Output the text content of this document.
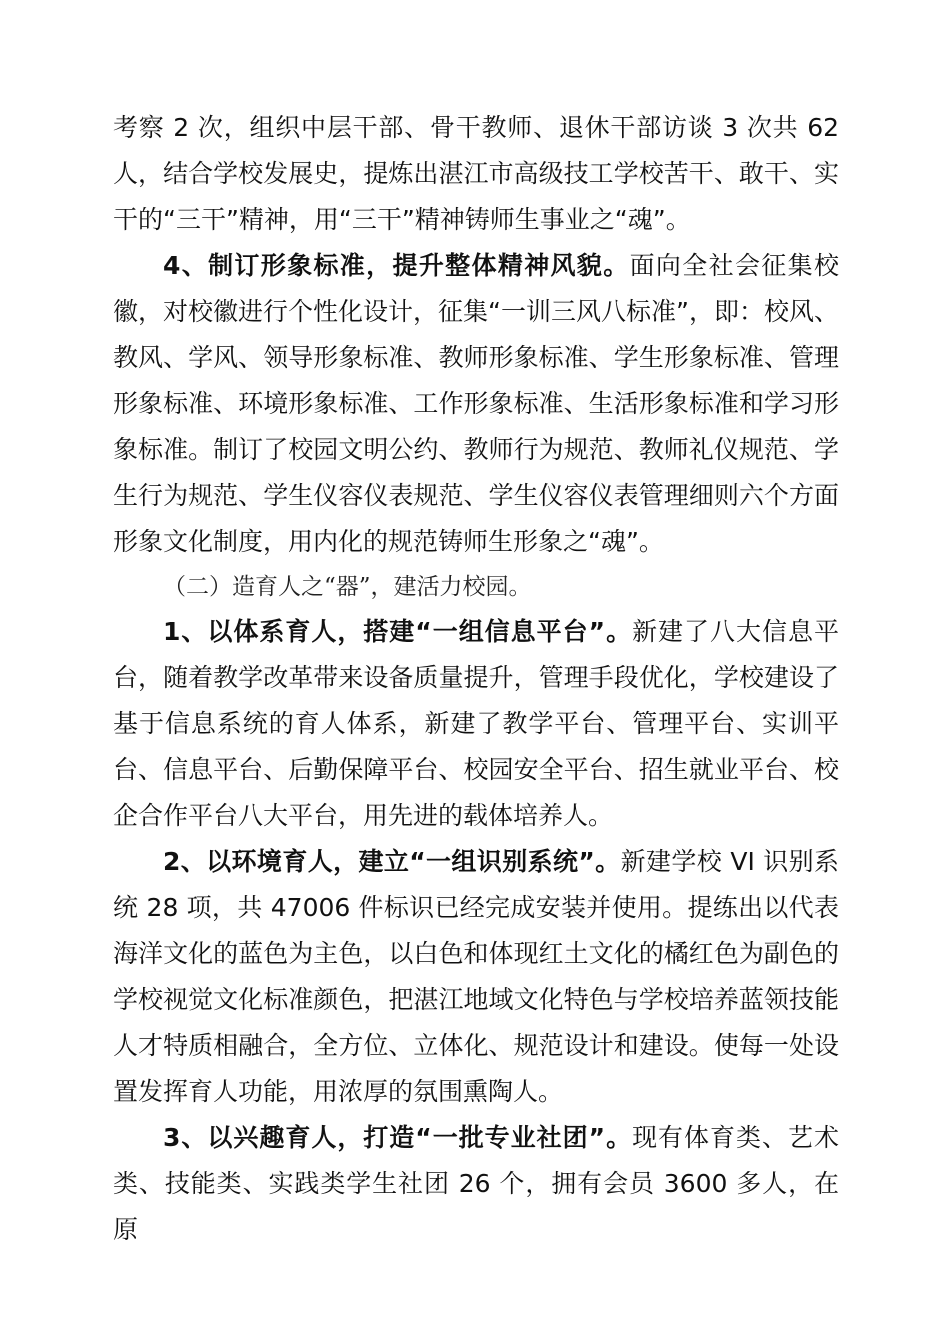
考察 2 次，组织中层干部、骨干教师、退休干部访谈 3 次共 62 人，结合学校发展史，提炼出湛江市高级技工学校苦干、敢干、实干的“三干”精神，用“三干”精神铸师生事业之“魂”。

4、制订形象标准，提升整体精神风貌。面向全社会征集校徽，对校徽进行个性化设计，征集“一训三风八标准”，即：校风、教风、学风、领导形象标准、教师形象标准、学生形象标准、管理形象标准、环境形象标准、工作形象标准、生活形象标准和学习形象标准。制订了校园文明公约、教师行为规范、教师礼仪规范、学生行为规范、学生仪容仪表规范、学生仪容仪表管理细则六个方面形象文化制度，用内化的规范铸师生形象之“魂”。

（二）造育人之“器”，建活力校园。

1、以体系育人，搭建“一组信息平台”。新建了八大信息平台，随着教学改革带来设备质量提升，管理手段优化，学校建设了基于信息系统的育人体系，新建了教学平台、管理平台、实训平台、信息平台、后勤保障平台、校园安全平台、招生就业平台、校企合作平台八大平台，用先进的载体培养人。

2、以环境育人，建立“一组识别系统”。新建学校 VI 识别系统 28 项，共 47006 件标识已经完成安装并使用。提练出以代表海洋文化的蓝色为主色，以白色和体现红土文化的橘红色为副色的学校视觉文化标准颜色，把湛江地域文化特色与学校培养蓝领技能人才特质相融合，全方位、立体化、规范设计和建设。使每一处设置发挥育人功能，用浓厚的氛围熏陶人。

3、以兴趣育人，打造“一批专业社团”。现有体育类、艺术类、技能类、实践类学生社团 26 个，拥有会员 3600 多人，在原
